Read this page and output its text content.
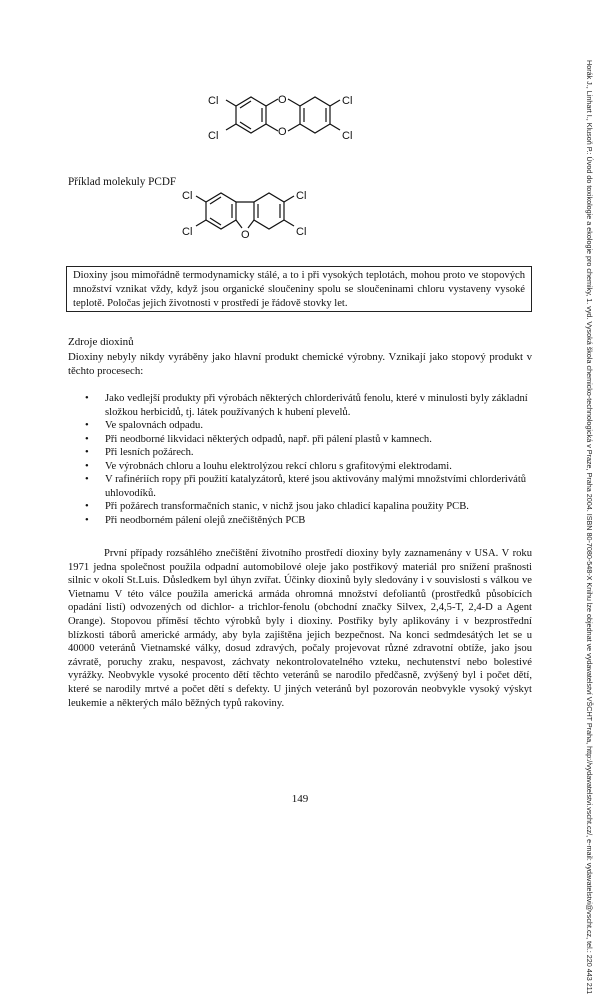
Cl
Cl
Cl
Cl
O
O
Příklad molekuly PCDF
Cl
Cl
Cl
Cl
O
Dioxiny jsou mimořádně termodynamicky stálé, a to i při vysokých teplotách, mohou proto ve stopových množství vznikat vždy, když jsou organické sloučeniny spolu se sloučeninami chloru vystaveny vysoké teplotě. Poločas jejich životnosti v prostředí je řádově stovky let.
Zdroje dioxinů
Dioxiny nebyly nikdy vyráběny jako hlavní produkt chemické výrobny. Vznikají jako stopový produkt v těchto procesech:
• Jako vedlejší produkty při výrobách některých chlorderivátů fenolu, které v minulosti byly základní složkou herbicidů, tj. látek používaných k hubení plevelů.
• Ve spalovnách odpadu.
• Při neodborné likvidaci některých odpadů, např. při pálení plastů v kamnech.
• Při lesních požárech.
• Ve výrobnách chloru a louhu elektrolýzou rekcí chloru s grafitovými elektrodami.
• V rafinériích ropy při použití katalyzátorů, které jsou aktivovány malými množstvími chlorderivátů uhlovodíků.
• Při požárech transformačních stanic, v nichž jsou jako chladicí kapalina použity PCB.
• Při neodborném pálení olejů znečištěných PCB

První případy rozsáhlého znečištění životního prostředí dioxiny byly zaznamenány v USA. V roku 1971 jedna společnost použila odpadní automobilové oleje jako postřikový materiál pro snížení prašnosti silnic v okolí St.Luis. Důsledkem byl úhyn zvířat. Účinky dioxinů byly sledovány i v souvislosti s válkou ve Vietnamu V této válce použila americká armáda ohromná množství defoliantů (prostředků působících opadání listí) odvozených od dichlor- a trichlor-fenolu (obchodní značky Silvex, 2,4,5-T, 2,4-D a Agent Orange). Stopovou příměsí těchto výrobků byly i dioxiny. Postřiky byly aplikovány i v bezprostřední blízkosti táborů americké armády, aby byla zajištěna jejich bezpečnost. Na konci sedmdesátých let se u 40000 veteránů Vietnamské války, dosud zdravých, počaly projevovat různé zdravotní obtíže, jako jsou závratě, poruchy zraku, nespavost, záchvaty nekontrolovatelného vzteku, nechutenství nebo bolestivé vyrážky. Neobvykle vysoké procento dětí těchto veteránů se narodilo předčasně, zvýšený byl i počet dětí, které se narodily mrtvé a počet dětí s defekty. U jiných veteránů byl pozorován neobvykle vysoký výskyt leukemie a některých málo běžných typů rakoviny.

149	Horák J., Linhart I., Klusoň P.: Úvod do toxikologie a ekologie pro chemiky, 1. vyd. Vysoká škola chemicko-technologická v Praze, Praha 2004. ISBN 80-7080-548-X Knihu lze objednat ve vydavatelství VŠCHT Praha, http://vydavatelstvi.vscht.cz/, e-mail: vydavatelstvi@vscht.cz, tel.: 220 443 211
